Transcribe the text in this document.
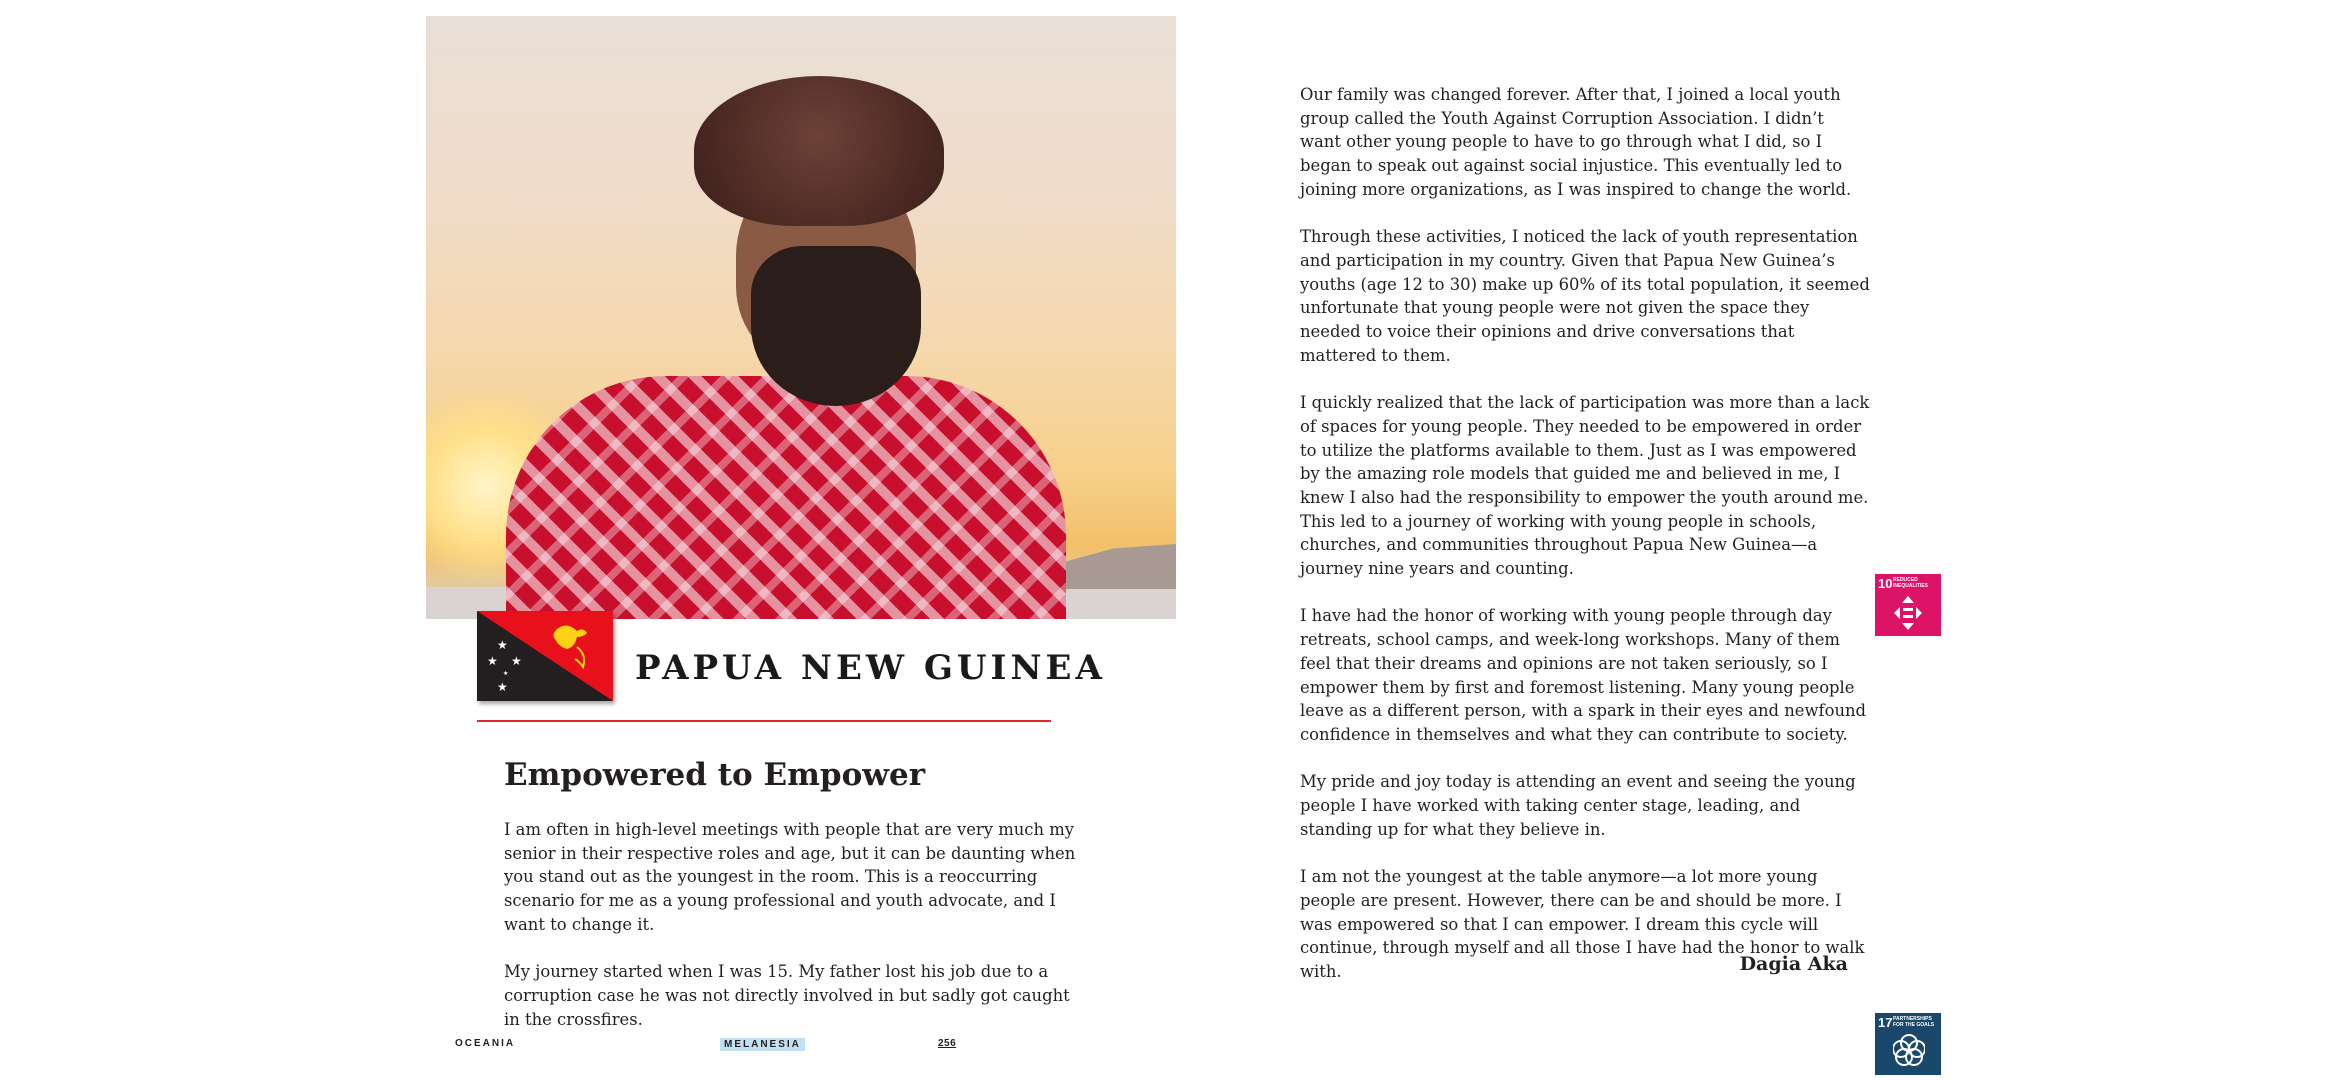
★
★ ★
★
★	PAPUA NEW GUINEA
Empowered to Empower

I am often in high-level meetings with people that are very much my senior in their respective roles and age, but it can be daunting when you stand out as the youngest in the room. This is a reoccurring scenario for me as a young professional and youth advocate, and I want to change it.

My journey started when I was 15. My father lost his job due to a corruption case he was not directly involved in but sadly got caught in the crossfires.

Our family was changed forever. After that, I joined a local youth group called the Youth Against Corruption Association. I didn’t want other young people to have to go through what I did, so I began to speak out against social injustice. This eventually led to joining more organizations, as I was inspired to change the world.

Through these activities, I noticed the lack of youth representation and participation in my country. Given that Papua New Guinea’s youths (age 12 to 30) make up 60% of its total population, it seemed unfortunate that young people were not given the space they needed to voice their opinions and drive conversations that mattered to them.

I quickly realized that the lack of participation was more than a lack of spaces for young people. They needed to be empowered in order to utilize the platforms available to them. Just as I was empowered by the amazing role models that guided me and believed in me, I knew I also had the responsibility to empower the youth around me. This led to a journey of working with young people in schools, churches, and communities throughout Papua New Guinea—a journey nine years and counting.

I have had the honor of working with young people through day retreats, school camps, and week-long workshops. Many of them feel that their dreams and opinions are not taken seriously, so I empower them by first and foremost listening. Many young people leave as a different person, with a spark in their eyes and newfound confidence in themselves and what they can contribute to society.

My pride and joy today is attending an event and seeing the young people I have worked with taking center stage, leading, and standing up for what they believe in.

I am not the youngest at the table anymore—a lot more young people are present. However, there can be and should be more. I was empowered so that I can empower. I dream this cycle will continue, through myself and all those I have had the honor to walk with.	Dagia Aka
10 REDUCED
INEQUALITIES
17 PARTNERSHIPS
FOR THE GOALS
OCEANIA	MELANESIA	256
